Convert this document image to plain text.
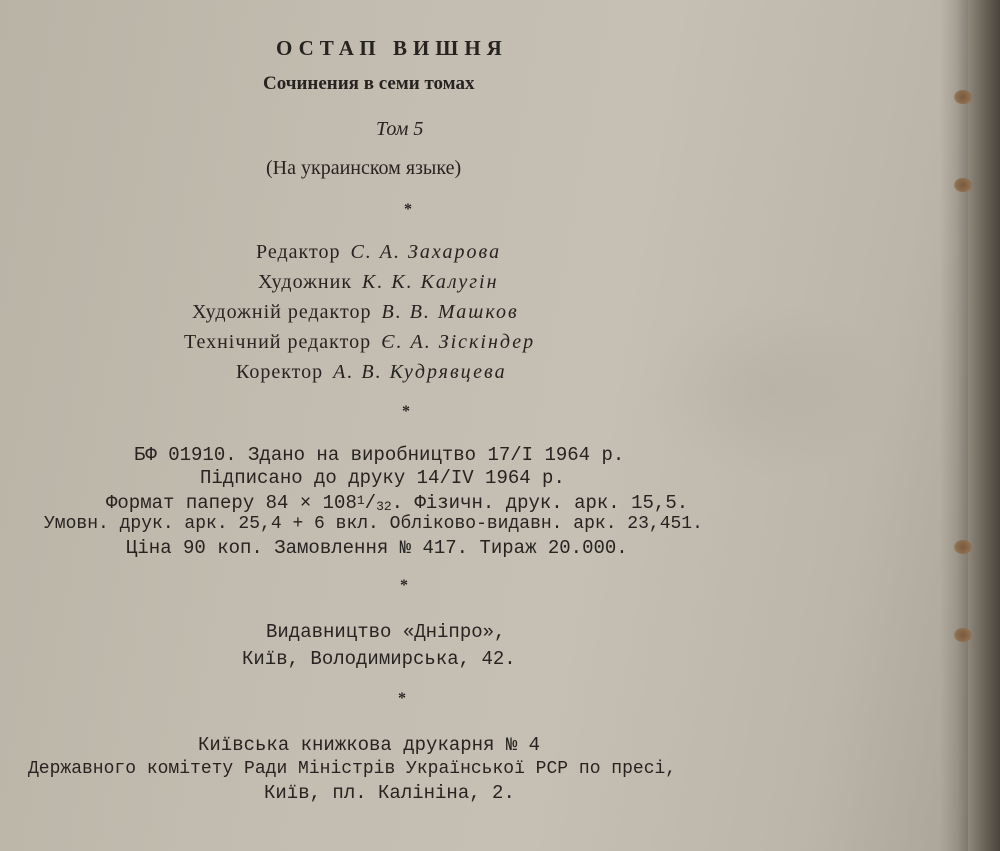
ОСТАП ВИШНЯ
Сочинения в семи томах
Том 5
(На украинском языке)
*
Редактор С. А. Захарова
Художник К. К. Калугін
Художній редактор В. В. Машков
Технічний редактор Є. А. Зіскіндер
Коректор А. В. Кудрявцева
*
БФ 01910. Здано на виробництво 17/I 1964 р.
Підписано до друку 14/IV 1964 р.
Формат паперу $84 \times 108^1/32$. Фізичн. друк. арк. 15,5.
Умовн. друк. арк. 25,4 + 6 вкл. Обліково-видавн. арк. 23,451.
Ціна 90 коп. Замовлення № 417. Тираж 20.000.
*
Видавництво «Дніпро»,
Київ, Володимирська, 42.
*
Київська книжкова друкарня № 4
Державного комітету Ради Міністрів Української РСР по пресі,
Київ, пл. Калініна, 2.
